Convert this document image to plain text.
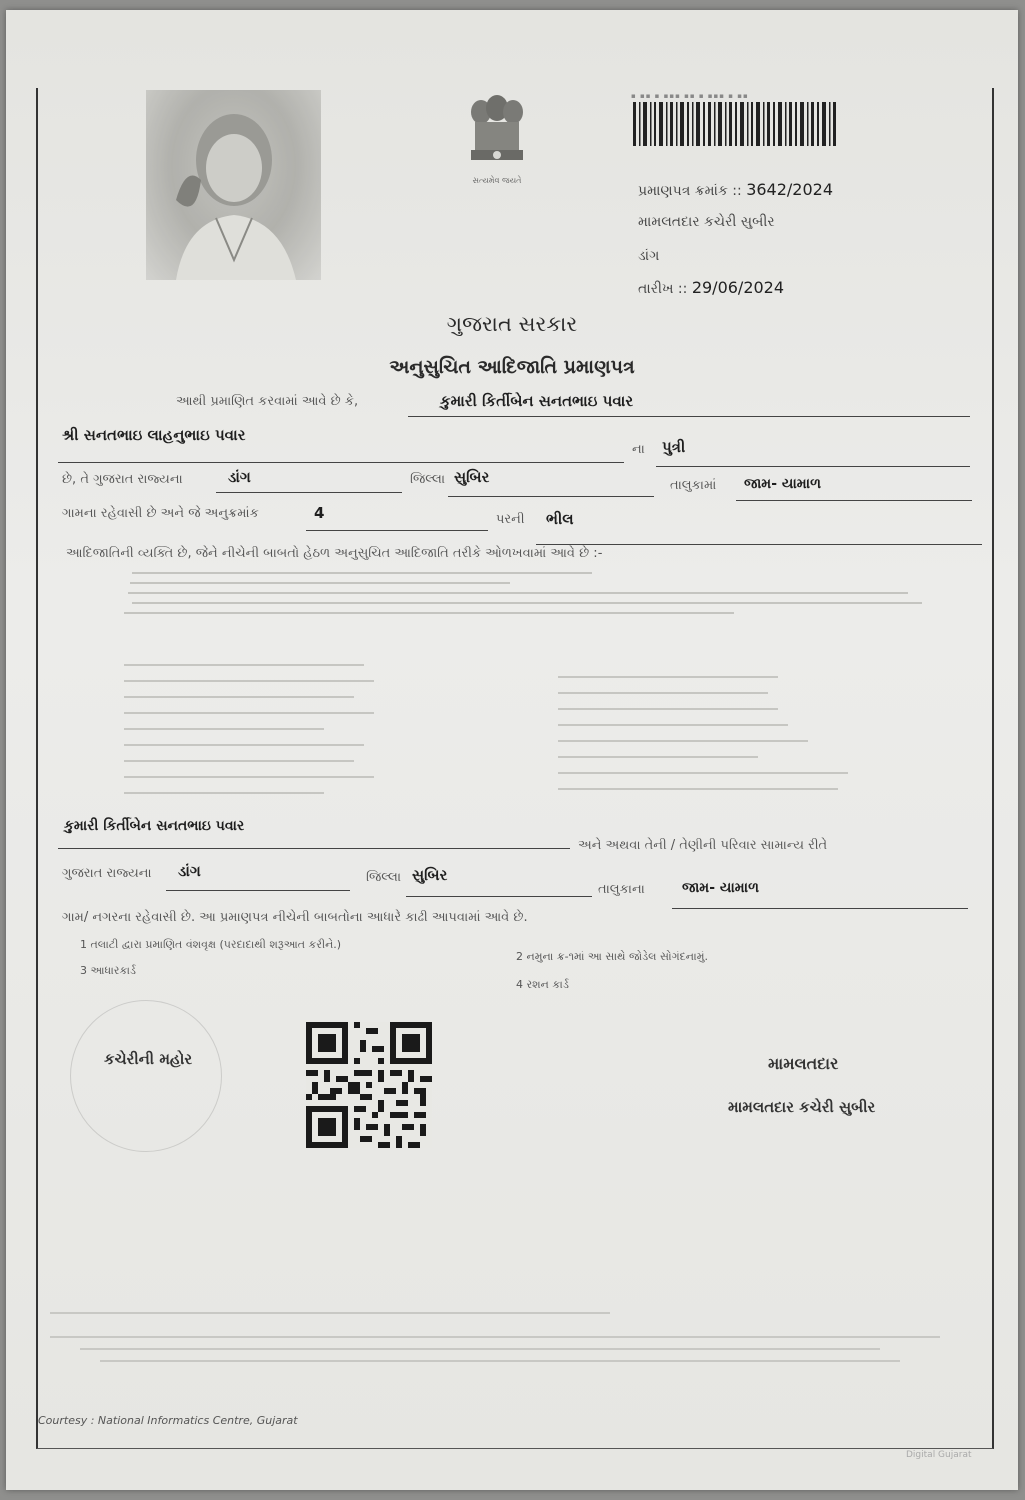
સત્યમેવ જયતે
▪ ▪▪ ▪ ▪▪▪ ▪▪ ▪ ▪▪▪ ▪ ▪▪
પ્રમાણપત્ર ક્રમાંક :: 3642/2024
મામલતદાર કચેરી સુબીર
ડાંગ
તારીખ :: 29/06/2024
ગુજરાત સરકાર
અનુસુચિત આદિજાતિ પ્રમાણપત્ર
આથી પ્રમાણિત કરવામાં આવે છે કે,	કુમારી કિર્તીબેન સનતભાઇ પવાર
શ્રી સનતભાઇ લાહનુભાઇ પવાર
ના પુત્રી
છે, તે ગુજરાત રાજ્યના	ડાંગ	જિલ્લા સુબિર	તાલુકામાં જામ- યામાળ
ગામના રહેવાસી છે અને જે અનુક્રમાંક	4	પરની ભીલ
આદિજાતિની વ્યક્તિ છે, જેને નીચેની બાબતો હેઠળ અનુસુચિત આદિજાતિ તરીકે ઓળખવામાં આવે છે :-
કુમારી કિર્તીબેન સનતભાઇ પવાર
અને અથવા તેની / તેણીની પરિવાર સામાન્ય રીતે
ગુજરાત રાજ્યના ડાંગ	જિલ્લા સુબિર
તાલુકાના	જામ- યામાળ
ગામ/ નગરના રહેવાસી છે. આ પ્રમાણપત્ર નીચેની બાબતોના આધારે કાઢી આપવામાં આવે છે.
1 તલાટી દ્વારા પ્રમાણિત વંશવૃક્ષ (પરદાદાથી શરૂઆત કરીને.)
2 નમુના ક્ર-૧માં આ સાથે જોડેલ સોગંદનામું.
3 આધારકાર્ડ
4 રશન કાર્ડ
કચેરીની મહોર	મામલતદાર
મામલતદાર કચેરી સુબીર
Courtesy : National Informatics Centre, Gujarat
Digital Gujarat
